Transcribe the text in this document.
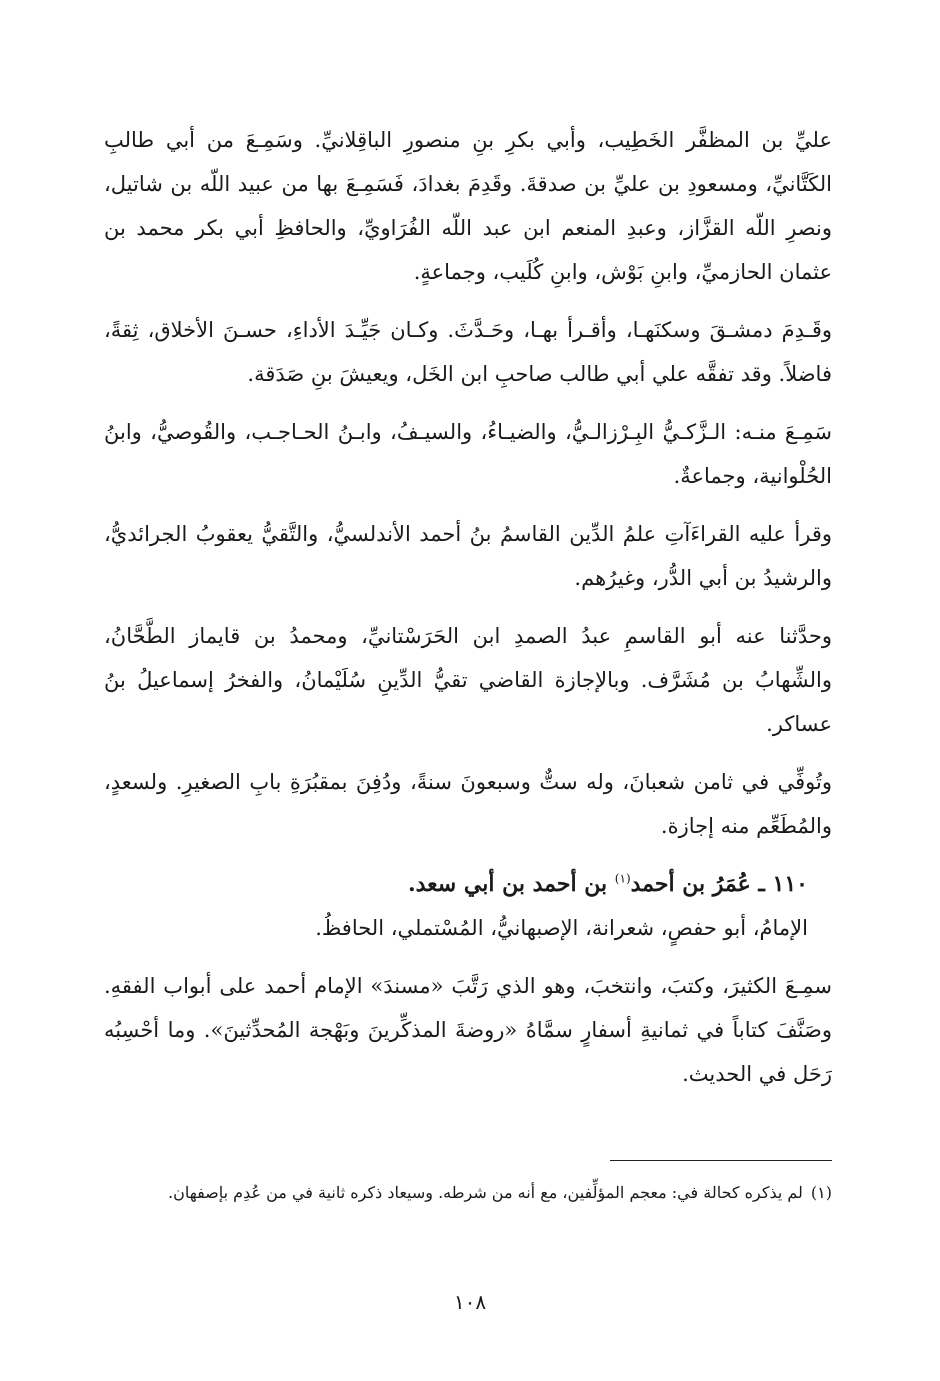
عليِّ بن المظفَّر الخَطِيب، وأبي بكرِ بنِ منصورِ الباقِلانيِّ. وسَمِـعَ من أبي طالبِ الكَتَّانيِّ، ومسعودِ بن عليِّ بن صدقةَ. وقَدِمَ بغدادَ، فَسَمِـعَ بها من عبيد اللّه بن شاتيل، ونصرِ اللّه القزَّاز، وعبدِ المنعم ابن عبد اللّه الفُرَاويِّ، والحافظِ أبي بكر محمد بن عثمان الحازميِّ، وابنِ بَوْش، وابنِ كُلَيب، وجماعةٍ.

وقَـدِمَ دمشـقَ وسكنَهـا، وأقـرأ بهـا، وحَـدَّثَ. وكـان جَيِّـدَ الأداءِ، حسـنَ الأخلاق، ثِقةً، فاضلاً. وقد تفقَّه علي أبي طالب صاحبِ ابن الخَل، ويعيشَ بنِ صَدَقة.

سَمِـعَ منـه: الـزَّكـيُّ البِـرْزالـيُّ، والضيـاءُ، والسيـفُ، وابـنُ الحـاجـب، والقُوصيُّ، وابنُ الحُلْوانية، وجماعةٌ.

وقرأ عليه القراءَآتِ علمُ الدِّين القاسمُ بنُ أحمد الأندلسيُّ، والتَّقيُّ يعقوبُ الجرائديُّ، والرشيدُ بن أبي الدُّر، وغيرُهم.

وحدَّثنا عنه أبو القاسمِ عبدُ الصمدِ ابن الحَرَسْتانيِّ، ومحمدُ بن قايماز الطَّحَّانُ، والشِّهابُ بن مُشَرَّف. وبالإجازة القاضي تقيُّ الدِّينِ سُلَيْمانُ، والفخرُ إسماعيلُ بنُ عساكر.

وتُوفِّي في ثامن شعبانَ، وله ستٌّ وسبعونَ سنةً، ودُفِنَ بمقبُرَةِ بابِ الصغيرِ. ولسعدٍ، والمُطَعِّم منه إجازة.

١١٠ ـ عُمَرُ بن أحمد$^{(١)}$ بن أحمد بن أبي سعد.

الإمامُ، أبو حفصٍ، شعرانة، الإصبهانيُّ، المُسْتملي، الحافظُ.

سمِـعَ الكثيرَ، وكتبَ، وانتخبَ، وهو الذي رَتَّبَ «مسندَ» الإمام أحمد على أبواب الفقهِ. وصَنَّفَ كتاباً في ثمانيةِ أسفارٍ سمَّاهُ «روضةَ المذكِّرينَ وبَهْجة المُحدِّثينَ». وما أحْسِبُه رَحَل في الحديث.

(١)لم يذكره كحالة في: معجم المؤلِّفين، مع أنه من شرطه. وسيعاد ذكره ثانية في من عُدِم بإصفهان.
١٠٨
